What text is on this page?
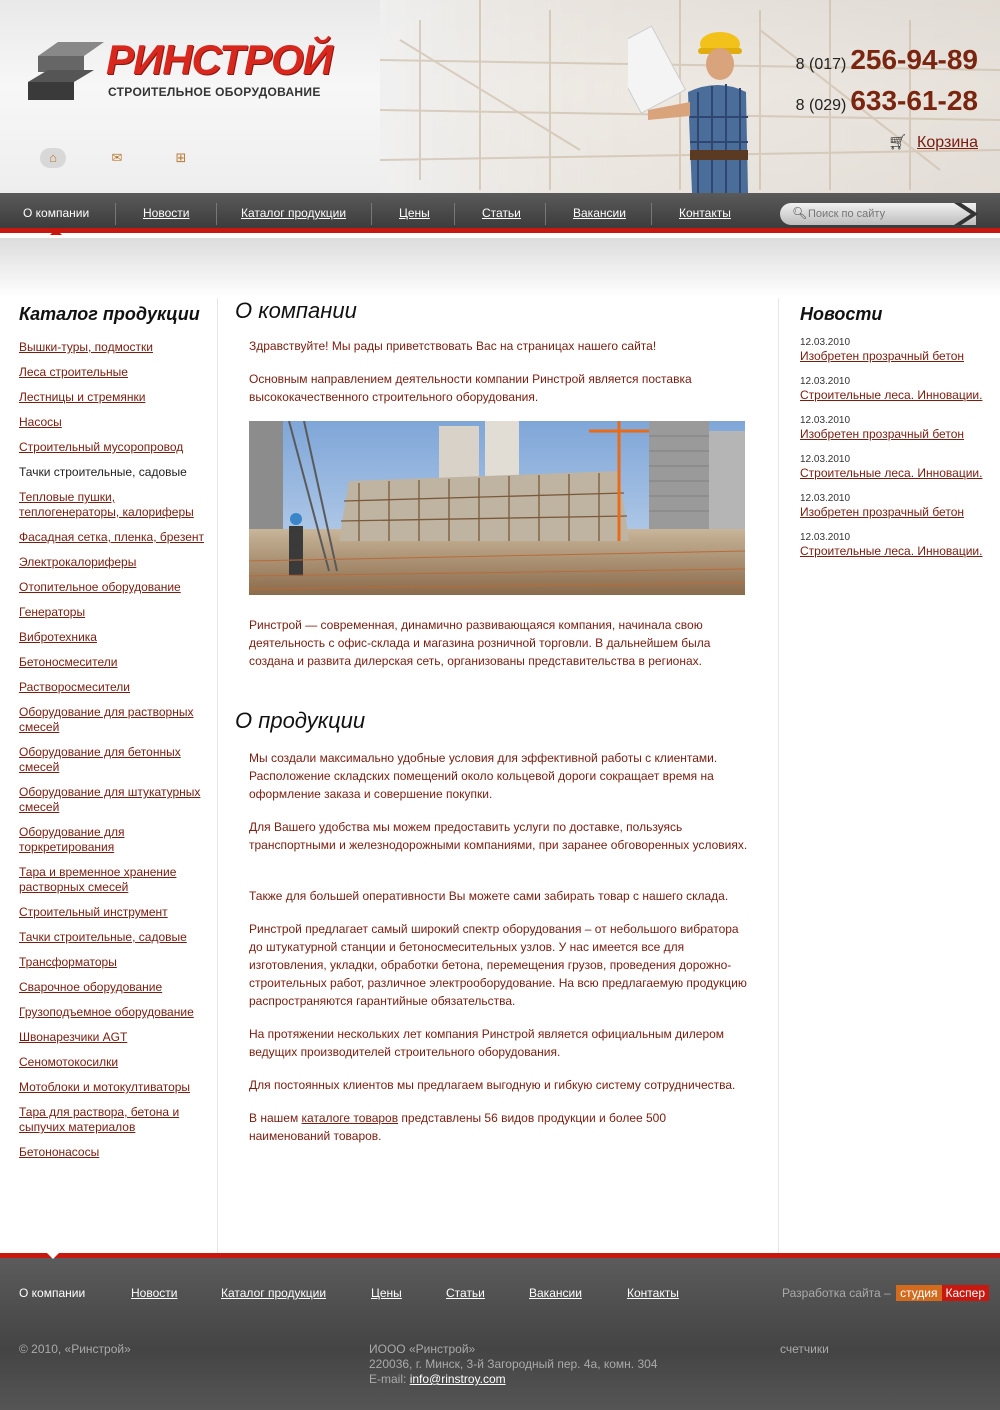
РИНСТРОЙ
СТРОИТЕЛЬНОЕ ОБОРУДОВАНИЕ
⌂	✉	⊞
8 (017) 256-94-89
8 (029) 633-61-28
🛒︎ Корзина
О компании	Новости	Каталог продукции	Цены	Статьи	Вакансии	Контакты	🔍︎
Поиск по сайту
Каталог продукции
Вышки-туры, подмостки
Леса строительные
Лестницы и стремянки
Насосы
Строительный мусоропровод
Тачки строительные, садовые
Тепловые пушки, теплогенераторы, калориферы
Фасадная сетка, пленка, брезент
Электрокалориферы
Отопительное оборудование
Генераторы
Вибротехника
Бетоносмесители
Растворосмесители
Оборудование для растворных смесей
Оборудование для бетонных смесей
Оборудование для штукатурных смесей
Оборудование для торкретирования
Тара и временное хранение растворных смесей
Строительный инструмент
Тачки строительные, садовые
Трансформаторы
Сварочное оборудование
Грузоподъемное оборудование
Швонарезчики AGT
Сеномотокосилки
Мотоблоки и мотокултиваторы
Тара для раствора, бетона и сыпучих материалов
Бетононасосы
О компании
Здравствуйте! Мы рады приветствовать Вас на страницах нашего сайта!
Основным направлением деятельности компании Ринстрой является поставка высококачественного строительного оборудования.
Ринстрой — современная, динамично развивающаяся компания, начинала свою деятельность с офис-склада и магазина розничной торговли. В дальнейшем была создана и развита дилерская сеть, организованы представительства в регионах.
О продукции
Мы создали максимально удобные условия для эффективной работы с клиентами. Расположение складских помещений около кольцевой дороги сокращает время на оформление заказа и совершение покупки.
Для Вашего удобства мы можем предоставить услуги по доставке, пользуясь транспортными и железнодорожными компаниями, при заранее обговоренных условиях.
Также для большей оперативности Вы можете сами забирать товар с нашего склада.
Ринстрой предлагает самый широкий спектр оборудования – от небольшого вибратора до штукатурной станции и бетоносмесительных узлов. У нас имеется все для изготовления, укладки, обработки бетона, перемещения грузов, проведения дорожно-строительных работ, различное электрооборудование. На всю предлагаемую продукцию распространяются гарантийные обязательства.
На протяжении нескольких лет компания Ринстрой является официальным дилером ведущих производителей строительного оборудования.
Для постоянных клиентов мы предлагаем выгодную и гибкую систему сотрудничества.
В нашем каталоге товаров представлены 56 видов продукции и более 500 наименований товаров.
Новости
12.03.2010
Изобретен прозрачный бетон
12.03.2010
Строительные леса. Инновации.
12.03.2010
Изобретен прозрачный бетон
12.03.2010
Строительные леса. Инновации.
12.03.2010
Изобретен прозрачный бетон
12.03.2010
Строительные леса. Инновации.
О компании	Новости	Каталог продукции	Цены	Статьи	Вакансии	Контакты	Разработка сайта – студия Каспер
© 2010, «Ринстрой»	ИООО «Ринстрой»
220036, г. Минск, 3-й Загородный пер. 4а, комн. 304
E-mail: info@rinstroy.com
счетчики
